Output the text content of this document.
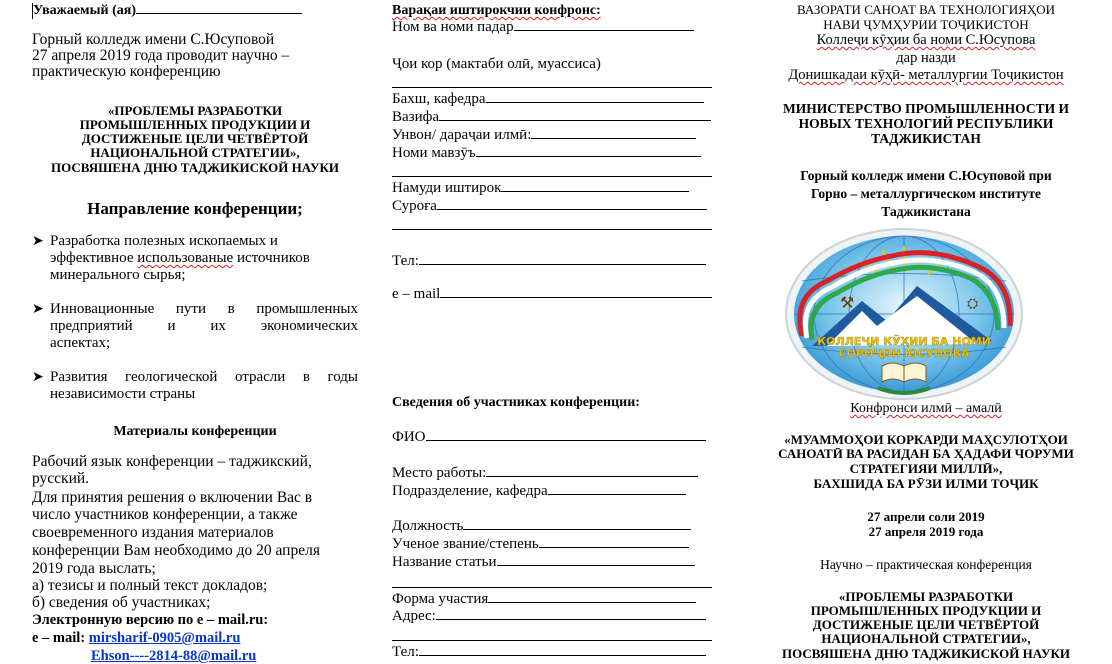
Уважаемый (ая)
Горный колледж имени С.Юсуповой
27 апреля 2019 года проводит научно –
практическую конференцию
«ПРОБЛЕМЫ РАЗРАБОТКИ
ПРОМЫШЛЕННЫХ ПРОДУКЦИИ И
ДОСТИЖЕНЫЕ ЦЕЛИ ЧЕТВЁРТОЙ
НАЦИОНАЛЬНОЙ СТРАТЕГИИ»,
ПОСВЯШЕНА ДНЮ ТАДЖИКИСКОЙ НАУКИ
Направление конференции;
➤ Разработка полезных ископаемых и
эффективное использованые источников
минерального сырья;
➤ Инновационные пути в промышленных
предприятий и их экономических
аспектах;
➤ Развития геологической отрасли в годы
независимости страны
Материалы конференции
Рабочий язык конференции – таджикский,
русский.
Для принятия решения о включении Вас в
число участников конференции, а также
своевременного издания материалов
конференции Вам необходимо до 20 апреля
2019 года выслать;
а) тезисы и полный текст докладов;
б) сведения об участниках;
Электронную версию по е – mail.ru:
е – mail: mirsharif-0905@mail.ru
Ehson----2814-88@mail.ru
Варақаи иштирокчии конфронс:
Ном ва номи падар
Ҷои кор (мактаби олӣ, муассиса)
Бахш, кафедра
Вазифа
Унвон/ дараҷаи илмӣ:
Номи мавзӯъ
Намуди иштирок
Суроға
Тел:
е – mail
Сведения об участниках конференции:
ФИО
Место работы:
Подразделение, кафедра
Должность
Ученое звание/степень
Название статьи
Форма участия
Адрес:
Тел:
ВАЗОРАТИ САНОАТ ВА ТЕХНОЛОГИЯҲОИ
НАВИ ҶУМҲУРИИ ТОҶИКИСТОН
Коллеҷи кӯҳии ба номи С.Юсупова
дар назди
Донишкадаи кӯҳӣ- металлургии Тоҷикистон
МИНИСТЕРСТВО ПРОМЫШЛЕННОСТИ И
НОВЫХ ТЕХНОЛОГИЙ РЕСПУБЛИКИ
ТАДЖИКИСТАН
Горный колледж имени С.Юсуповой при
Горно – металлургическом институте
Таджикистана
⚒	⛭
КОЛЛЕҶИ КӮҲИИ БА НОМИ
СОРОҶОН ЮСУПОВА
Конфронси илмӣ – амалӣ
«МУАММОҲОИ КОРКАРДИ МАҲСУЛОТҲОИ
САНОАТӢ ВА РАСИДАН БА ҲАДАФИ ЧОРУМИ
СТРАТЕГИЯИ МИЛЛӢ»,
БАХШИДА БА РӮЗИ ИЛМИ ТОҶИК
27 апрели соли 2019
27 апреля 2019 года
Научно – практическая конференция
«ПРОБЛЕМЫ РАЗРАБОТКИ
ПРОМЫШЛЕННЫХ ПРОДУКЦИИ И
ДОСТИЖЕНЫЕ ЦЕЛИ ЧЕТВЁРТОЙ
НАЦИОНАЛЬНОЙ СТРАТЕГИИ»,
ПОСВЯШЕНА ДНЮ ТАДЖИКИСКОЙ НАУКИ
